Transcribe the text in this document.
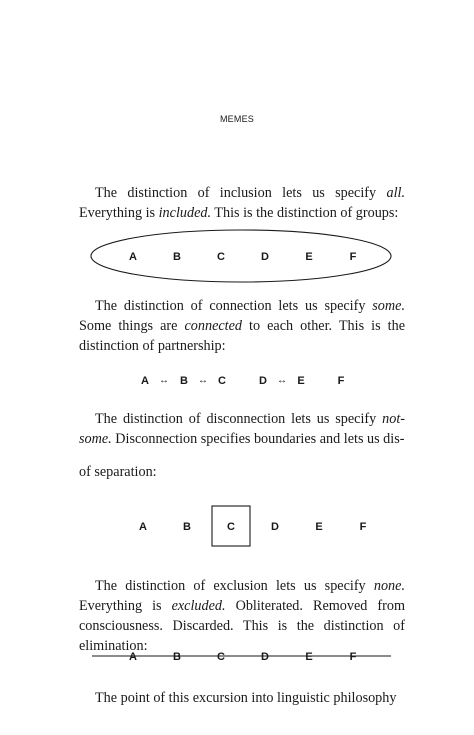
MEMES

The distinction of inclusion lets us specify all. Everything is included. This is the distinction of groups:

A	B	C	D	E	F

The distinction of connection lets us specify some. Some things are connected to each other. This is the distinction of partnership:

A ↔ B ↔ C	D ↔ E	F

The distinction of disconnection lets us specify not-some. Disconnection specifies boundaries and lets us dis-

of separation:

A	B	C	D	E	F

The distinction of exclusion lets us specify none. Everything is excluded. Obliterated. Removed from consciousness. Discarded. This is the distinction of elimination:

A	B	C	D	E	F

The point of this excursion into linguistic philosophy
